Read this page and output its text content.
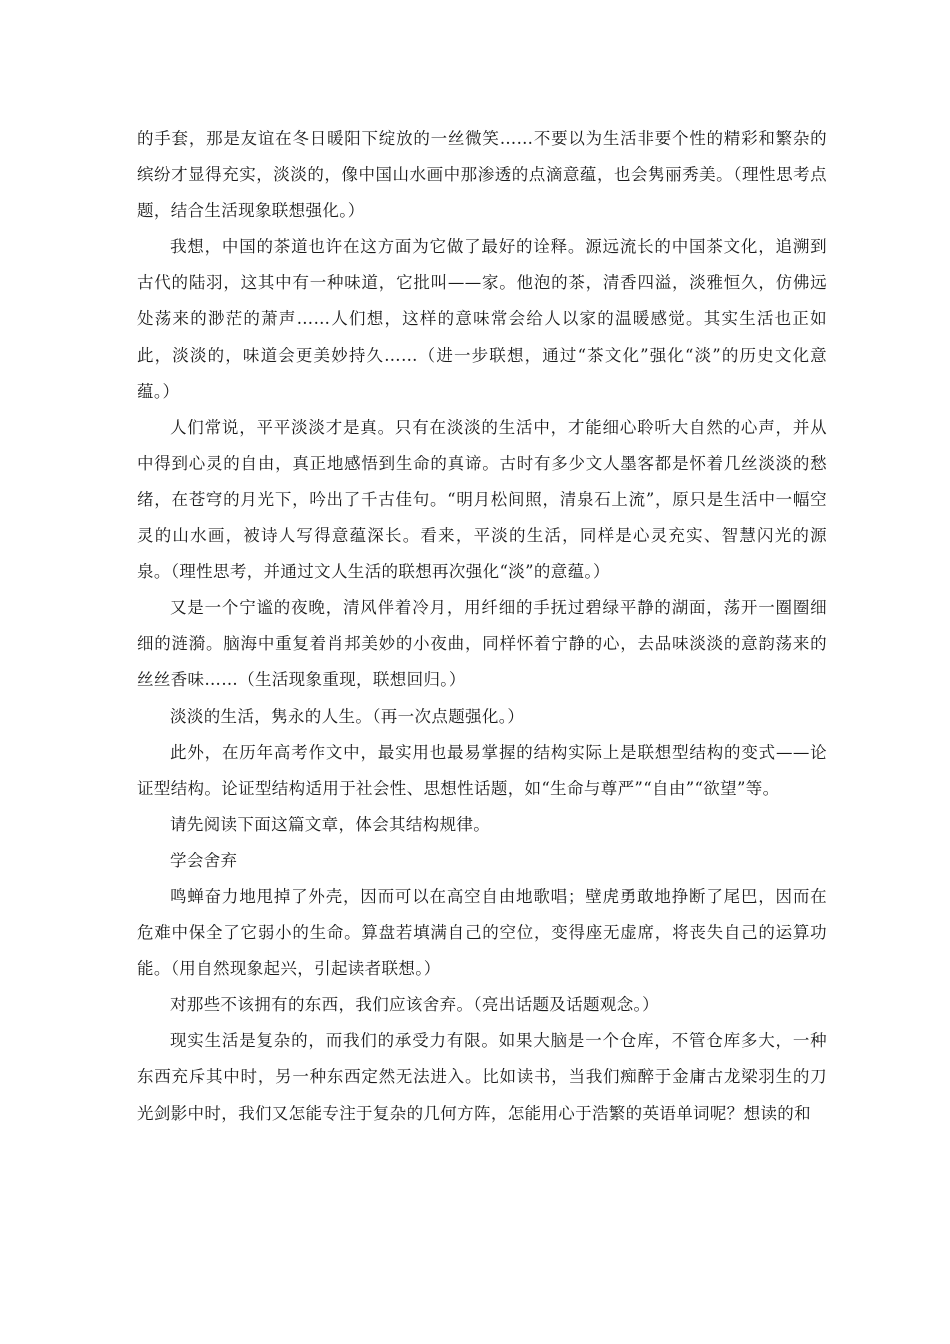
的手套，那是友谊在冬日暖阳下绽放的一丝微笑……不要以为生活非要个性的精彩和繁杂的缤纷才显得充实，淡淡的，像中国山水画中那渗透的点滴意蕴，也会隽丽秀美。（理性思考点题，结合生活现象联想强化。）

我想，中国的茶道也许在这方面为它做了最好的诠释。源远流长的中国茶文化，追溯到古代的陆羽，这其中有一种味道，它批叫——家。他泡的茶，清香四溢，淡雅恒久，仿佛远处荡来的渺茫的萧声……人们想，这样的意味常会给人以家的温暖感觉。其实生活也正如此，淡淡的，味道会更美妙持久……（进一步联想，通过“茶文化”强化“淡”的历史文化意蕴。）

人们常说，平平淡淡才是真。只有在淡淡的生活中，才能细心聆听大自然的心声，并从中得到心灵的自由，真正地感悟到生命的真谛。古时有多少文人墨客都是怀着几丝淡淡的愁绪，在苍穹的月光下，吟出了千古佳句。“明月松间照，清泉石上流”，原只是生活中一幅空灵的山水画，被诗人写得意蕴深长。看来，平淡的生活，同样是心灵充实、智慧闪光的源泉。（理性思考，并通过文人生活的联想再次强化“淡”的意蕴。）

又是一个宁谧的夜晚，清风伴着冷月，用纤细的手抚过碧绿平静的湖面，荡开一圈圈细细的涟漪。脑海中重复着肖邦美妙的小夜曲，同样怀着宁静的心，去品味淡淡的意韵荡来的丝丝香味……（生活现象重现，联想回归。）

淡淡的生活，隽永的人生。（再一次点题强化。）

此外，在历年高考作文中，最实用也最易掌握的结构实际上是联想型结构的变式——论证型结构。论证型结构适用于社会性、思想性话题，如“生命与尊严”“自由”“欲望”等。

请先阅读下面这篇文章，体会其结构规律。

学会舍弃

鸣蝉奋力地甩掉了外壳，因而可以在高空自由地歌唱；壁虎勇敢地挣断了尾巴，因而在危难中保全了它弱小的生命。算盘若填满自己的空位，变得座无虚席，将丧失自己的运算功能。（用自然现象起兴，引起读者联想。）

对那些不该拥有的东西，我们应该舍弃。（亮出话题及话题观念。）

现实生活是复杂的，而我们的承受力有限。如果大脑是一个仓库，不管仓库多大，一种东西充斥其中时，另一种东西定然无法进入。比如读书，当我们痴醉于金庸古龙梁羽生的刀光剑影中时，我们又怎能专注于复杂的几何方阵，怎能用心于浩繁的英语单词呢？想读的和
